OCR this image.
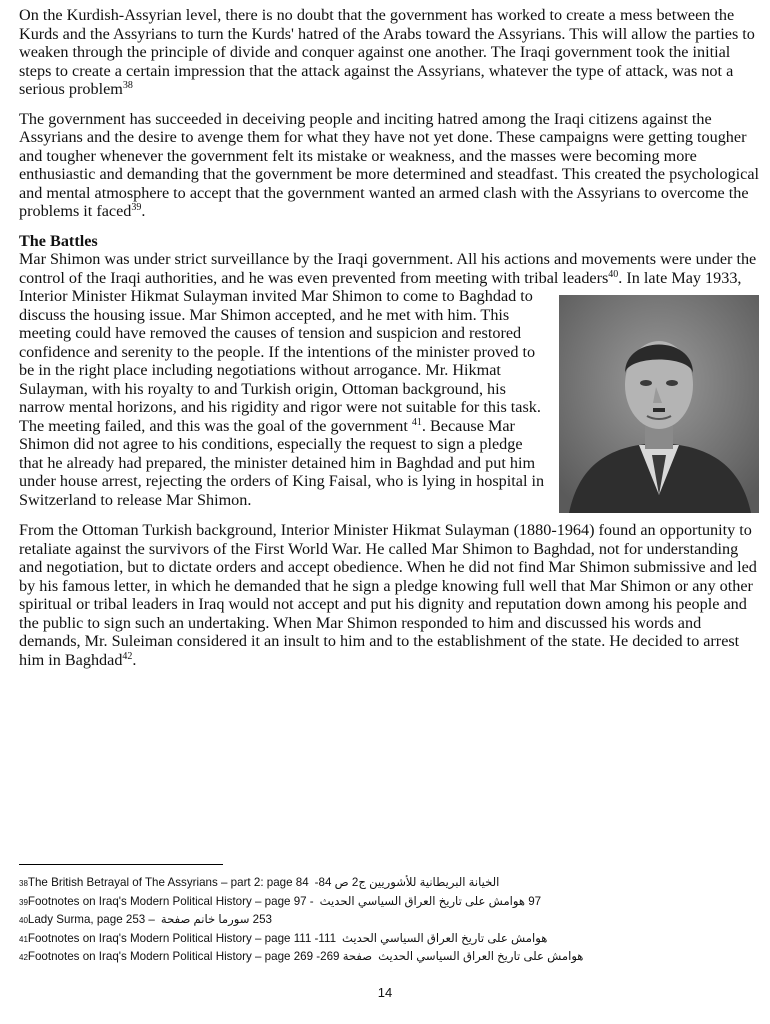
On the Kurdish-Assyrian level, there is no doubt that the government has worked to create a mess between the Kurds and the Assyrians to turn the Kurds' hatred of the Arabs toward the Assyrians. This will allow the parties to weaken through the principle of divide and conquer against one another. The Iraqi government took the initial steps to create a certain impression that the attack against the Assyrians, whatever the type of attack, was not a serious problem$^{38}$

The government has succeeded in deceiving people and inciting hatred among the Iraqi citizens against the Assyrians and the desire to avenge them for what they have not yet done. These campaigns were getting tougher and tougher whenever the government felt its mistake or weakness, and the masses were becoming more enthusiastic and demanding that the government be more determined and steadfast. This created the psychological and mental atmosphere to accept that the government wanted an armed clash with the Assyrians to overcome the problems it faced$^{39}$.

The Battles
Mar Shimon was under strict surveillance by the Iraqi government. All his actions and movements were under the control of the Iraqi authorities, and he was even prevented from meeting with tribal leaders$^{40}$
. In late May 1933, Interior Minister Hikmat Sulayman invited Mar Shimon to come to Baghdad to discuss the housing issue. Mar Shimon accepted, and he met with him. This meeting could have removed the causes of tension and suspicion and restored confidence and serenity to the people. If the intentions of the minister proved to be in the right place including negotiations without arrogance. Mr. Hikmat Sulayman, with his royalty to and Turkish origin, Ottoman background, his narrow mental horizons, and his rigidity and rigor were not suitable for this task. The meeting failed, and this was the goal of the government $^{41}$. Because Mar Shimon did not agree to his conditions, especially the request to sign a pledge that he already had prepared, the minister detained him in Baghdad and put him under house arrest, rejecting the orders of King Faisal, who is lying in hospital in Switzerland to release Mar Shimon.

From the Ottoman Turkish background, Interior Minister Hikmat Sulayman (1880-1964) found an opportunity to retaliate against the survivors of the First World War. He called Mar Shimon to Baghdad, not for understanding and negotiation, but to dictate orders and accept obedience. When he did not find Mar Shimon submissive and led by his famous letter, in which he demanded that he sign a pledge knowing full well that Mar Shimon or any other spiritual or tribal leaders in Iraq would not accept and put his dignity and reputation down among his people and the public to sign such an undertaking. When Mar Shimon responded to him and discussed his words and demands, Mr. Suleiman considered it an insult to him and to the establishment of the state. He decided to arrest him in Baghdad$^{42}$.

38 The British Betrayal of The Assyrians – part 2: page 84 الخيانة البريطانية للأشوريين ج2 ص 84-
39 Footnotes on Iraq's Modern Political History – page 97 - 97 هوامش على تاريخ العراق السياسي الحديث
40 Lady Surma, page 253 – 253 سورما خانم صفحة
41 Footnotes on Iraq's Modern Political History – page 111 -111 هوامش على تاريخ العراق السياسي الحديث
42 Footnotes on Iraq's Modern Political History – page 269 -269 صفحة هوامش على تاريخ العراق السياسي الحديث
14
